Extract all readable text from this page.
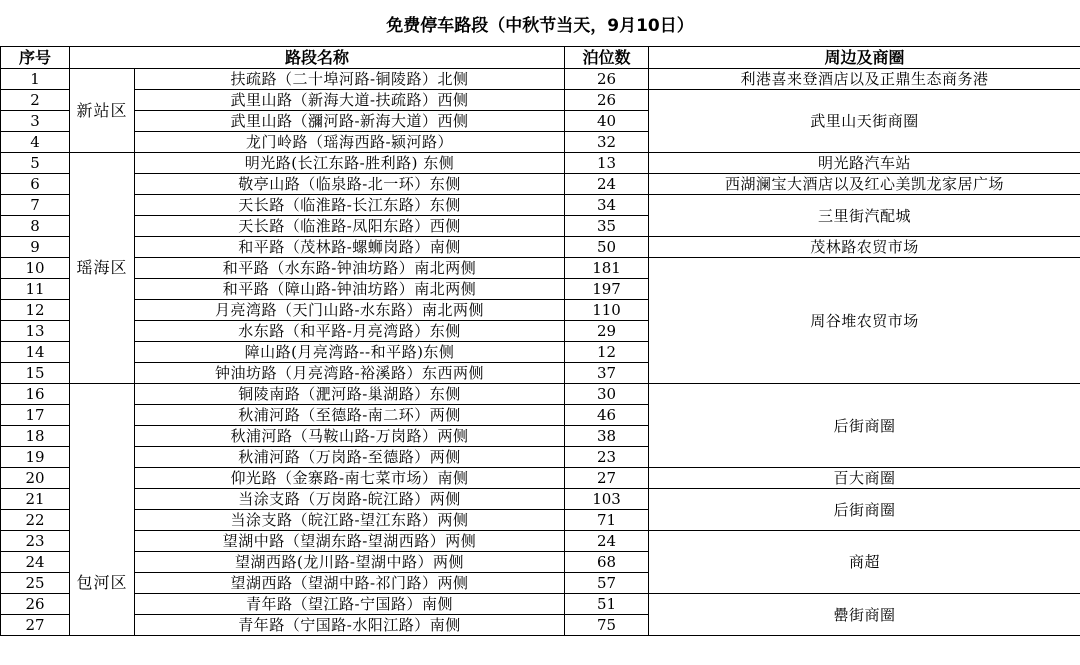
免费停车路段（中秋节当天，9月10日）
序号	路段名称		泊位数	周边及商圈
1	新站区	扶疏路（二十埠河路-铜陵路）北侧	26	利港喜来登酒店以及正鼎生态商务港
2		武里山路（新海大道-扶疏路）西侧	26	武里山天街商圈
3		武里山路（瀰河路-新海大道）西侧	40	
4		龙门岭路（瑶海西路-颍河路）	32	
5	瑶海区	明光路(长江东路-胜利路) 东侧	13	明光路汽车站
6		敬亭山路（临泉路-北一环）东侧	24	西湖澜宝大酒店以及红心美凯龙家居广场
7		天长路（临淮路-长江东路）东侧	34	三里街汽配城
8		天长路（临淮路-凤阳东路）西侧	35	
9		和平路（茂林路-螺蛳岗路）南侧	50	茂林路农贸市场
10		和平路（水东路-钟油坊路）南北两侧	181	周谷堆农贸市场
11		和平路（障山路-钟油坊路）南北两侧	197	
12		月亮湾路（天门山路-水东路）南北两侧	110	
13		水东路（和平路-月亮湾路）东侧	29	
14		障山路(月亮湾路--和平路)东侧	12	
15		钟油坊路（月亮湾路-裕溪路）东西两侧	37	
16	包河区	铜陵南路（淝河路-巢湖路）东侧	30	后街商圈
17		秋浦河路（至德路-南二环）两侧	46	
18		秋浦河路（马鞍山路-万岗路）两侧	38	
19		秋浦河路（万岗路-至德路）两侧	23	
20		仰光路（金寨路-南七菜市场）南侧	27	百大商圈
21		当涂支路（万岗路-皖江路）两侧	103	后街商圈
22		当涂支路（皖江路-望江东路）两侧	71	
23		望湖中路（望湖东路-望湖西路）两侧	24	商超
24		望湖西路(龙川路-望湖中路）两侧	68	
25		望湖西路（望湖中路-祁门路）两侧	57	
26		青年路（望江路-宁国路）南侧	51	罍街商圈
27		青年路（宁国路-水阳江路）南侧	75	
